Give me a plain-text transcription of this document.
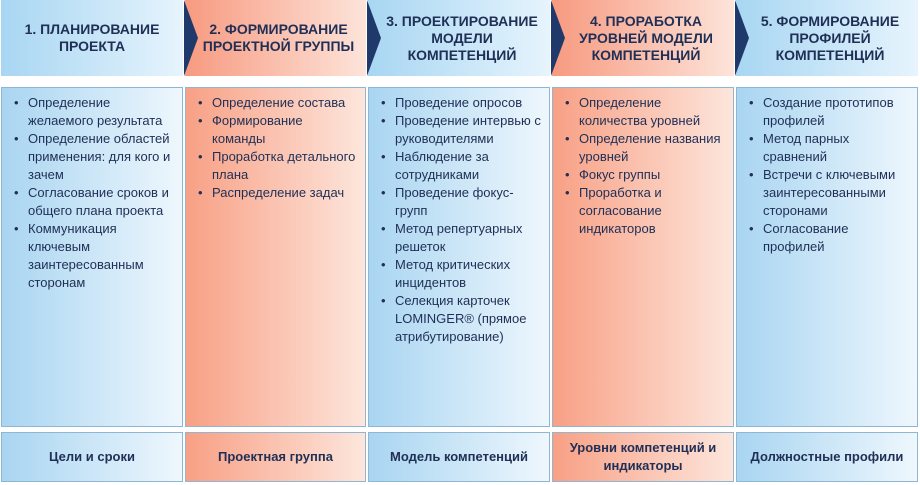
1. ПЛАНИРОВАНИЕ ПРОЕКТА
2. ФОРМИРОВАНИЕ ПРОЕКТНОЙ ГРУППЫ
3. ПРОЕКТИРОВАНИЕ МОДЕЛИ КОМПЕТЕНЦИЙ
4. ПРОРАБОТКА УРОВНЕЙ МОДЕЛИ КОМПЕТЕНЦИЙ
5. ФОРМИРОВАНИЕ ПРОФИЛЕЙ КОМПЕТЕНЦИЙ
• Определение желаемого результата
• Определение областей применения: для кого и зачем
• Согласование сроков и общего плана проекта
• Коммуникация ключевым заинтересованным сторонам
• Определение состава
• Формирование команды
• Проработка детального плана
• Распределение задач
• Проведение опросов
• Проведение интервью с руководителями
• Наблюдение за сотрудниками
• Проведение фокус-групп
• Метод репертуарных решеток
• Метод критических инцидентов
• Селекция карточек LOMINGER® (прямое атрибутирование)
• Определение количества уровней
• Определение названия уровней
• Фокус группы
• Проработка и согласование индикаторов
• Создание прототипов профилей
• Метод парных сравнений
• Встречи с ключевыми заинтересованными сторонами
• Согласование профилей
Цели и сроки	Проектная группа	Модель компетенций
Уровни компетенций и индикаторы
Должностные профили
